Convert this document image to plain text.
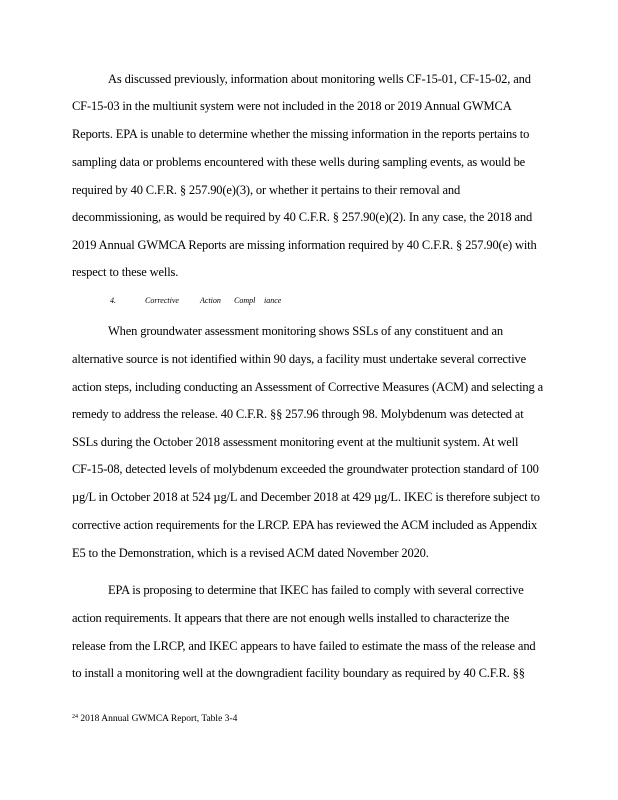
As discussed previously, information about monitoring wells CF-15-01, CF-15-02, and

CF-15-03 in the multiunit system were not included in the 2018 or 2019 Annual GWMCA

Reports. EPA is unable to determine whether the missing information in the reports pertains to

sampling data or problems encountered with these wells during sampling events, as would be

required by 40 C.F.R. § 257.90(e)(3), or whether it pertains to their removal and

decommissioning, as would be required by 40 C.F.R. § 257.90(e)(2). In any case, the 2018 and

2019 Annual GWMCA Reports are missing information required by 40 C.F.R. § 257.90(e) with

respect to these wells.

4.	Corrective	Action Compl iance

When groundwater assessment monitoring shows SSLs of any constituent and an

alternative source is not identified within 90 days, a facility must undertake several corrective

action steps, including conducting an Assessment of Corrective Measures (ACM) and selecting a

remedy to address the release. 40 C.F.R. §§ 257.96 through 98. Molybdenum was detected at

SSLs during the October 2018 assessment monitoring event at the multiunit system. At well

CF-15-08, detected levels of molybdenum exceeded the groundwater protection standard of 100

µg/L in October 2018 at 524 µg/L and December 2018 at 429 µg/L. IKEC is therefore subject to

corrective action requirements for the LRCP. EPA has reviewed the ACM included as Appendix

E5 to the Demonstration, which is a revised ACM dated November 2020.

EPA is proposing to determine that IKEC has failed to comply with several corrective

action requirements. It appears that there are not enough wells installed to characterize the

release from the LRCP, and IKEC appears to have failed to estimate the mass of the release and

to install a monitoring well at the downgradient facility boundary as required by 40 C.F.R. §§

$^{24}$ 2018 Annual GWMCA Report, Table 3-4
